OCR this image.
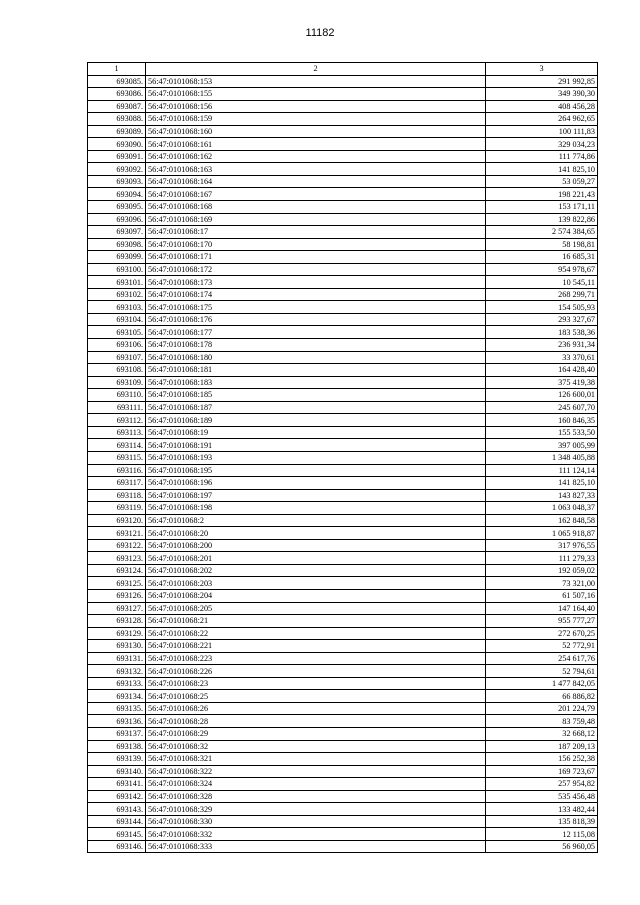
11182
1	2	3
693085.	56:47:0101068:153	291 992,85
693086.	56:47:0101068:155	349 390,30
693087.	56:47:0101068:156	408 456,28
693088.	56:47:0101068:159	264 962,65
693089.	56:47:0101068:160	100 111,83
693090.	56:47:0101068:161	329 034,23
693091.	56:47:0101068:162	111 774,86
693092.	56:47:0101068:163	141 825,10
693093.	56:47:0101068:164	53 059,27
693094.	56:47:0101068:167	198 221,43
693095.	56:47:0101068:168	153 171,11
693096.	56:47:0101068:169	139 822,86
693097.	56:47:0101068:17	2 574 384,65
693098.	56:47:0101068:170	58 198,81
693099.	56:47:0101068:171	16 685,31
693100.	56:47:0101068:172	954 978,67
693101.	56:47:0101068:173	10 545,11
693102.	56:47:0101068:174	268 299,71
693103.	56:47:0101068:175	154 505,93
693104.	56:47:0101068:176	293 327,67
693105.	56:47:0101068:177	183 538,36
693106.	56:47:0101068:178	236 931,34
693107.	56:47:0101068:180	33 370,61
693108.	56:47:0101068:181	164 428,40
693109.	56:47:0101068:183	375 419,38
693110.	56:47:0101068:185	126 600,01
693111.	56:47:0101068:187	245 607,70
693112.	56:47:0101068:189	160 846,35
693113.	56:47:0101068:19	155 533,50
693114.	56:47:0101068:191	397 005,99
693115.	56:47:0101068:193	1 348 405,88
693116.	56:47:0101068:195	111 124,14
693117.	56:47:0101068:196	141 825,10
693118.	56:47:0101068:197	143 827,33
693119.	56:47:0101068:198	1 063 048,37
693120.	56:47:0101068:2	162 848,58
693121.	56:47:0101068:20	1 065 918,87
693122.	56:47:0101068:200	317 976,55
693123.	56:47:0101068:201	111 279,33
693124.	56:47:0101068:202	192 059,02
693125.	56:47:0101068:203	73 321,00
693126.	56:47:0101068:204	61 507,16
693127.	56:47:0101068:205	147 164,40
693128.	56:47:0101068:21	955 777,27
693129.	56:47:0101068:22	272 670,25
693130.	56:47:0101068:221	52 772,91
693131.	56:47:0101068:223	254 617,76
693132.	56:47:0101068:226	52 794,61
693133.	56:47:0101068:23	1 477 842,05
693134.	56:47:0101068:25	66 886,82
693135.	56:47:0101068:26	201 224,79
693136.	56:47:0101068:28	83 759,48
693137.	56:47:0101068:29	32 668,12
693138.	56:47:0101068:32	187 209,13
693139.	56:47:0101068:321	156 252,38
693140.	56:47:0101068:322	169 723,67
693141.	56:47:0101068:324	257 954,82
693142.	56:47:0101068:328	535 456,48
693143.	56:47:0101068:329	133 482,44
693144.	56:47:0101068:330	135 818,39
693145.	56:47:0101068:332	12 115,08
693146.	56:47:0101068:333	56 960,05
